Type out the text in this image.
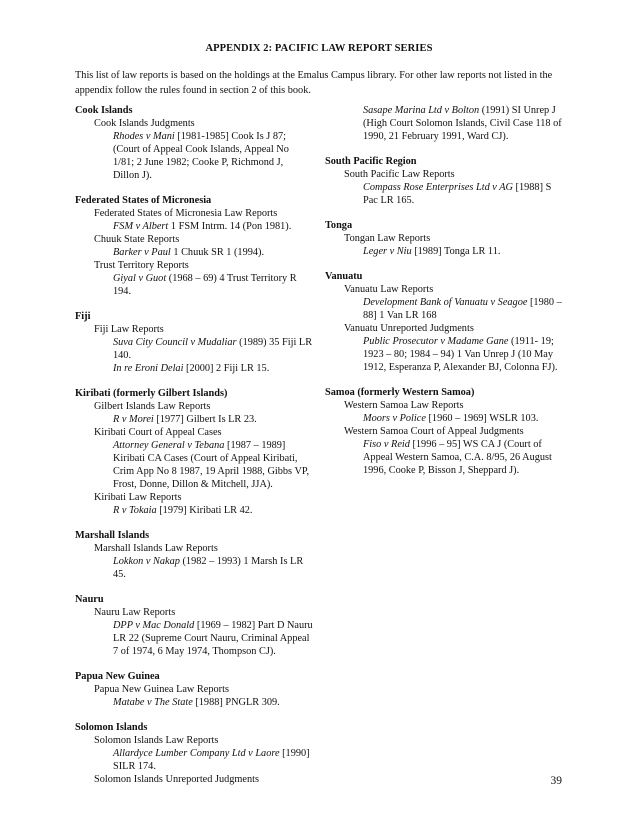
APPENDIX 2: PACIFIC LAW REPORT SERIES
This list of law reports is based on the holdings at the Emalus Campus library. For other law reports not listed in the appendix follow the rules found in section 2 of this book.
Cook Islands
Cook Islands Judgments
Rhodes v Mani [1981-1985] Cook Is J 87;
(Court of Appeal Cook Islands, Appeal No
1/81; 2 June 1982; Cooke P, Richmond J,
Dillon J).
Federated States of Micronesia
Federated States of Micronesia Law Reports
FSM v Albert 1 FSM Intrm. 14 (Pon 1981).
Chuuk State Reports
Barker v Paul 1 Chuuk SR 1 (1994).
Trust Territory Reports
Giyal v Guot (1968 – 69) 4 Trust Territory R
194.
Fiji
Fiji Law Reports
Suva City Council v Mudaliar (1989) 35 Fiji LR
140.
In re Eroni Delai [2000] 2 Fiji LR 15.
Kiribati (formerly Gilbert Islands)
Gilbert Islands Law Reports
R v Morei [1977] Gilbert Is LR 23.
Kiribati Court of Appeal Cases
Attorney General v Tebana [1987 – 1989]
Kiribati CA Cases (Court of Appeal Kiribati,
Crim App No 8 1987, 19 April 1988, Gibbs VP,
Frost, Donne, Dillon & Mitchell, JJA).
Kiribati Law Reports
R v Tokaia [1979] Kiribati LR 42.
Marshall Islands
Marshall Islands Law Reports
Lokkon v Nakap (1982 – 1993) 1 Marsh Is LR
45.
Nauru
Nauru Law Reports
DPP v Mac Donald [1969 – 1982] Part D Nauru
LR 22 (Supreme Court Nauru, Criminal Appeal
7 of 1974, 6 May 1974, Thompson CJ).
Papua New Guinea
Papua New Guinea Law Reports
Matabe v The State [1988] PNGLR 309.
Solomon Islands
Solomon Islands Law Reports
Allardyce Lumber Company Ltd v Laore [1990]
SILR 174.
Solomon Islands Unreported Judgments
Sasape Marina Ltd v Bolton (1991) SI Unrep J
(High Court Solomon Islands, Civil Case 118 of
1990, 21 February 1991, Ward CJ).
South Pacific Region
South Pacific Law Reports
Compass Rose Enterprises Ltd v AG [1988] S
Pac LR 165.
Tonga
Tongan Law Reports
Leger v Niu [1989] Tonga LR 11.
Vanuatu
Vanuatu Law Reports
Development Bank of Vanuatu v Seagoe [1980 –
88] 1 Van LR 168
Vanuatu Unreported Judgments
Public Prosecutor v Madame Gane (1911- 19;
1923 – 80; 1984 – 94) 1 Van Unrep J (10 May
1912, Esperanza P, Alexander BJ, Colonna FJ).
Samoa (formerly Western Samoa)
Western Samoa Law Reports
Moors v Police [1960 – 1969] WSLR 103.
Western Samoa Court of Appeal Judgments
Fiso v Reid [1996 – 95] WS CA J (Court of
Appeal Western Samoa, C.A. 8/95, 26 August
1996, Cooke P, Bisson J, Sheppard J).
39
